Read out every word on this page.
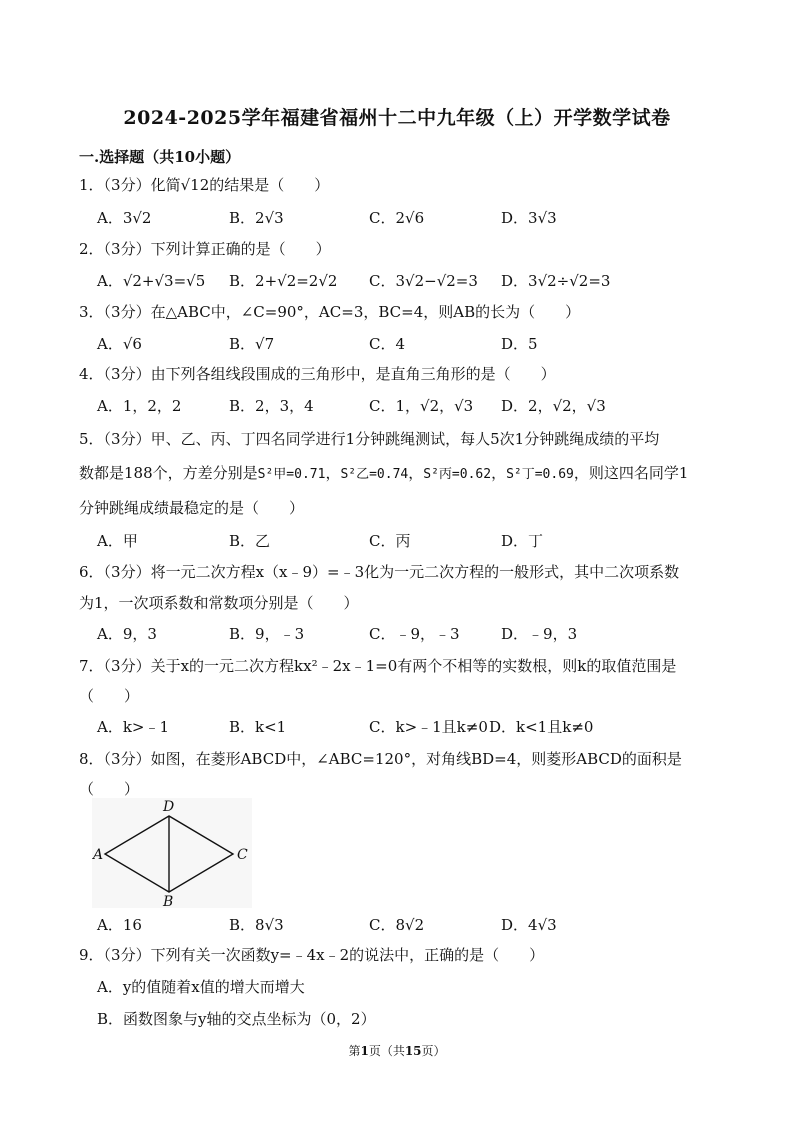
2024-2025学年福建省福州十二中九年级（上）开学数学试卷
一.选择题（共10小题）
1．（3分）化简√12的结果是（　　）
A．3√2	B．2√3	C．2√6	D．3√3
2．（3分）下列计算正确的是（　　）
A．√2+√3=√5 B．2+√2=2√2 C．3√2−√2=3 D．3√2÷√2=3
3．（3分）在△ABC中，∠C=90°，AC=3，BC=4，则AB的长为（　　）
A．√6	B．√7	C．4	D．5
4．（3分）由下列各组线段围成的三角形中，是直角三角形的是（　　）
A．1，2，2	B．2，3，4	C．1，√2，√3 D．2，√2，√3
5．（3分）甲、乙、丙、丁四名同学进行1分钟跳绳测试，每人5次1分钟跳绳成绩的平均
数都是188个，方差分别是S²甲=0.71，S²乙=0.74，S²丙=0.62，S²丁=0.69，则这四名同学1
分钟跳绳成绩最稳定的是（　　）
A．甲	B．乙	C．丙	D．丁
6．（3分）将一元二次方程x（x﹣9）=﹣3化为一元二次方程的一般形式，其中二次项系数
为1，一次项系数和常数项分别是（　　）
A．9，3	B．9，﹣3	C．﹣9，﹣3	D．﹣9，3
7．（3分）关于x的一元二次方程kx²﹣2x﹣1=0有两个不相等的实数根，则k的取值范围是
（　　）
A．k>﹣1	B．k<1	C．k>﹣1且k≠0 D．k<1且k≠0
8．（3分）如图，在菱形ABCD中，∠ABC=120°，对角线BD=4，则菱形ABCD的面积是
（　　）
D
A	C
B
A．16	B．8√3	C．8√2	D．4√3
9．（3分）下列有关一次函数y=﹣4x﹣2的说法中，正确的是（　　）
A．y的值随着x值的增大而增大
B．函数图象与y轴的交点坐标为（0，2）
第1页（共15页）
